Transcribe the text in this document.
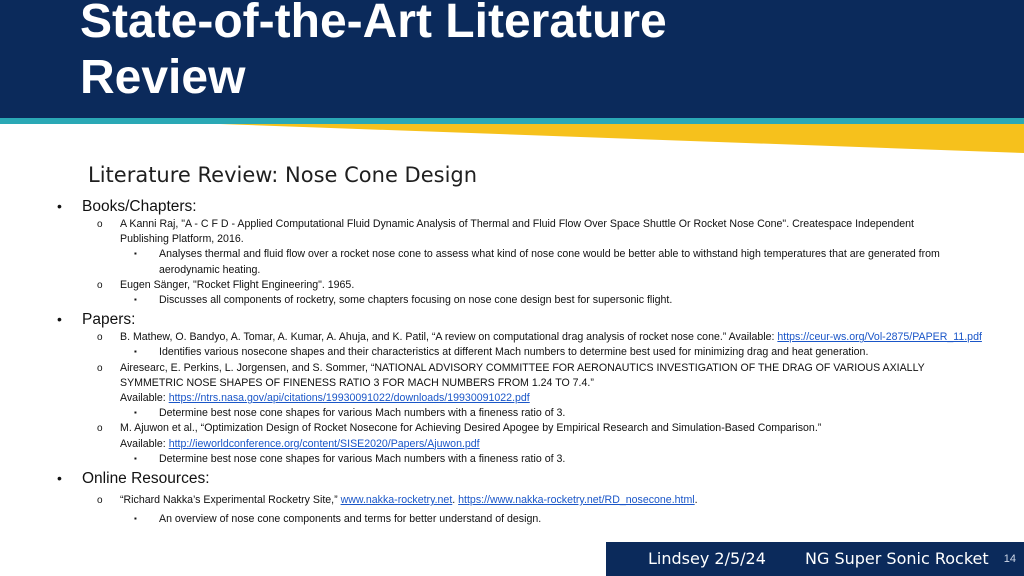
State-of-the-Art Literature
Review
Literature Review: Nose Cone Design
• Books/Chapters:
o A Kanni Raj, "A - C F D - Applied Computational Fluid Dynamic Analysis of Thermal and Fluid Flow Over Space Shuttle Or Rocket Nose Cone". Createspace Independent
Publishing Platform, 2016.
▪ Analyses thermal and fluid flow over a rocket nose cone to assess what kind of nose cone would be better able to withstand high temperatures that are generated from aerodynamic heating.
o Eugen Sänger, "Rocket Flight Engineering". 1965.
▪ Discusses all components of rocketry, some chapters focusing on nose cone design best for supersonic flight.
• Papers:
o B. Mathew, O. Bandyo, A. Tomar, A. Kumar, A. Ahuja, and K. Patil, “A review on computational drag analysis of rocket nose cone.” Available: https://ceur-ws.org/Vol-2875/PAPER_11.pdf
▪ Identifies various nosecone shapes and their characteristics at different Mach numbers to determine best used for minimizing drag and heat generation.
o Airesearc, E. Perkins, L. Jorgensen, and S. Sommer, “NATIONAL ADVISORY COMMITTEE FOR AERONAUTICS INVESTIGATION OF THE DRAG OF VARIOUS AXIALLY
SYMMETRIC NOSE SHAPES OF FINENESS RATIO 3 FOR MACH NUMBERS FROM 1.24 TO 7.4.”
Available: https://ntrs.nasa.gov/api/citations/19930091022/downloads/19930091022.pdf
▪ Determine best nose cone shapes for various Mach numbers with a fineness ratio of 3.
o M. Ajuwon et al., “Optimization Design of Rocket Nosecone for Achieving Desired Apogee by Empirical Research and Simulation-Based Comparison.”
Available: http://ieworldconference.org/content/SISE2020/Papers/Ajuwon.pdf
▪ Determine best nose cone shapes for various Mach numbers with a fineness ratio of 3.
• Online Resources:
o “Richard Nakka’s Experimental Rocketry Site,” www.nakka-rocketry.net. https://www.nakka-rocketry.net/RD_nosecone.html.
▪ An overview of nose cone components and terms for better understand of design.
Lindsey 2/5/24 NG Super Sonic Rocket 14
